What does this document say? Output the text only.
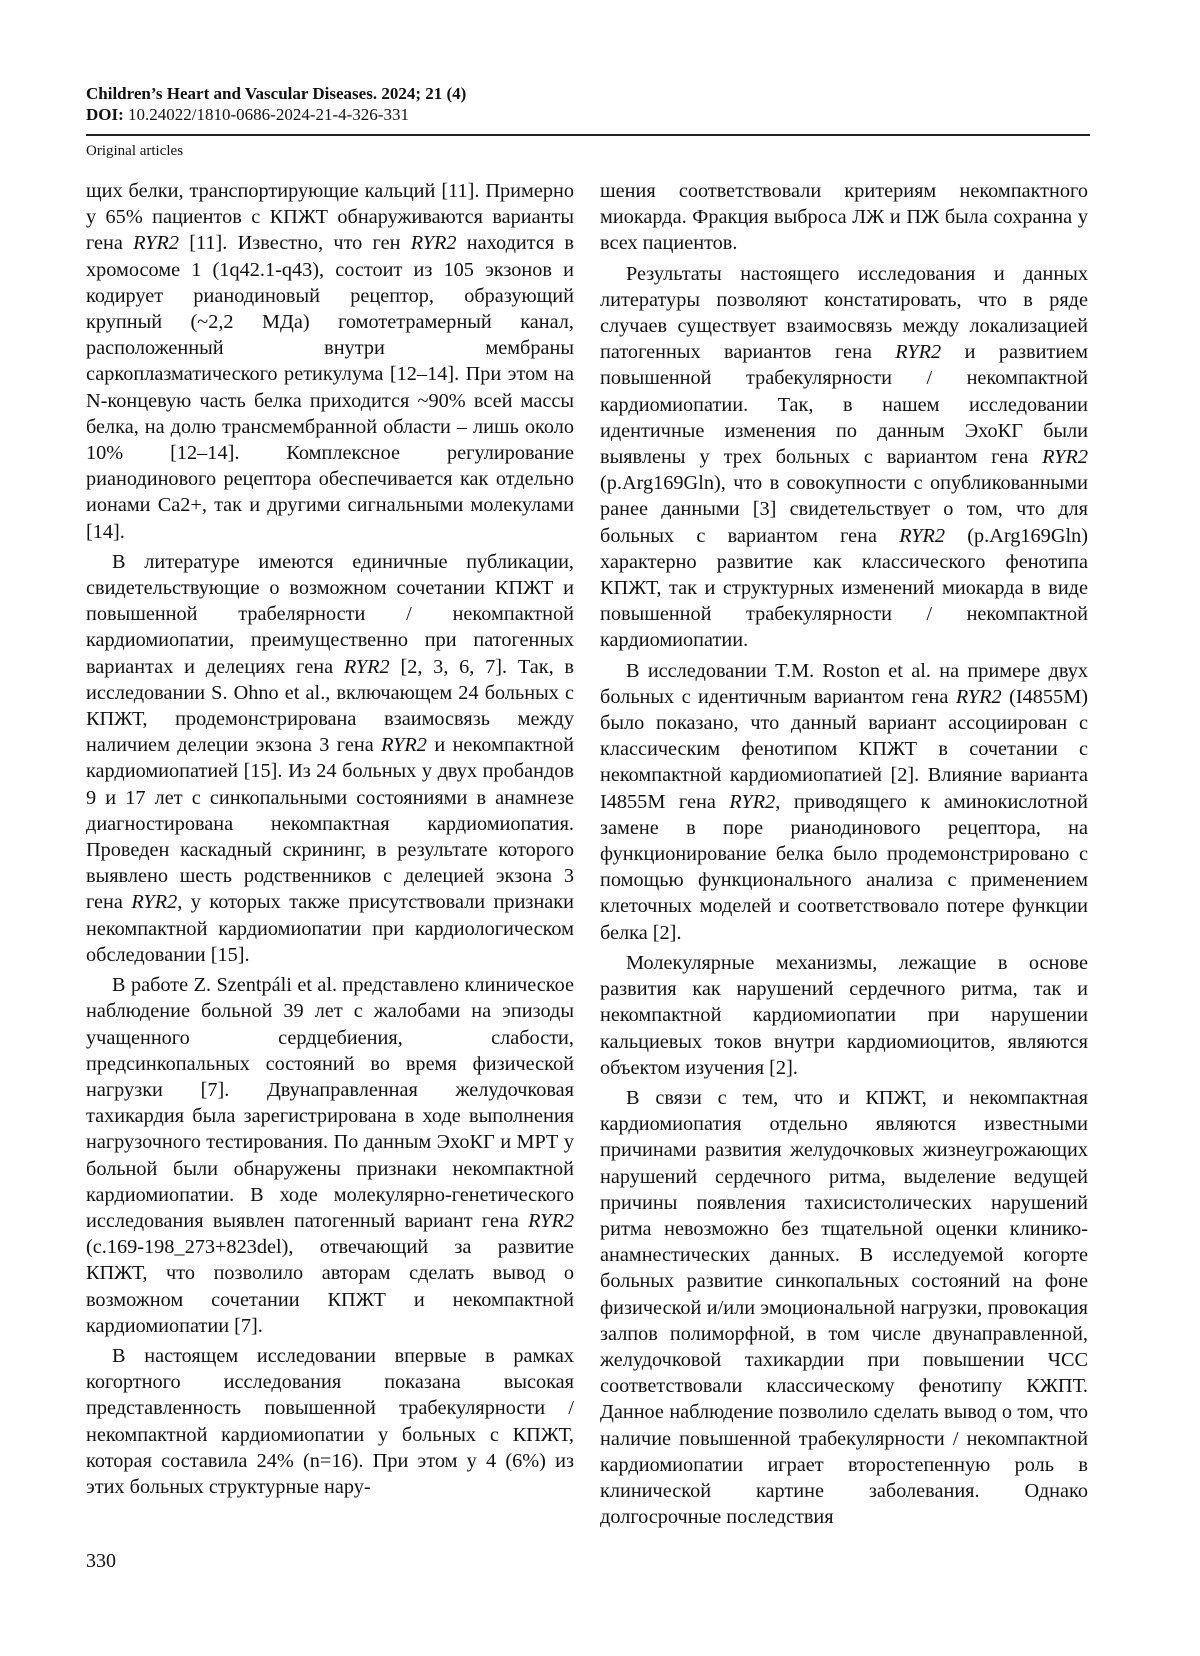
Children’s Heart and Vascular Diseases. 2024; 21 (4)
DOI: 10.24022/1810-0686-2024-21-4-326-331
Original articles

щих белки, транспортирующие кальций [11]. Примерно у 65% пациентов с КПЖТ обнаруживаются варианты гена RYR2 [11]. Известно, что ген RYR2 находится в хромосоме 1 (1q42.1-q43), состоит из 105 экзонов и кодирует рианодиновый рецептор, образующий крупный (~2,2 МДа) гомотетрамерный канал, расположенный внутри мембраны саркоплазматического ретикулума [12–14]. При этом на N-концевую часть белка приходится ~90% всей массы белка, на долю трансмембранной области – лишь около 10% [12–14]. Комплексное регулирование рианодинового рецептора обеспечивается как отдельно ионами Ca2+, так и другими сигнальными молекулами [14].

В литературе имеются единичные публикации, свидетельствующие о возможном сочетании КПЖТ и повышенной трабелярности / некомпактной кардиомиопатии, преимущественно при патогенных вариантах и делециях гена RYR2 [2, 3, 6, 7]. Так, в исследовании S. Ohno et al., включающем 24 больных с КПЖТ, продемонстрирована взаимосвязь между наличием делеции экзона 3 гена RYR2 и некомпактной кардиомиопатией [15]. Из 24 больных у двух пробандов 9 и 17 лет с синкопальными состояниями в анамнезе диагностирована некомпактная кардиомиопатия. Проведен каскадный скрининг, в результате которого выявлено шесть родственников с делецией экзона 3 гена RYR2, у которых также присутствовали признаки некомпактной кардиомиопатии при кардиологическом обследовании [15].

В работе Z. Szentpáli et al. представлено клиническое наблюдение больной 39 лет с жалобами на эпизоды учащенного сердцебиения, слабости, предсинкопальных состояний во время физической нагрузки [7]. Двунаправленная желудочковая тахикардия была зарегистрирована в ходе выполнения нагрузочного тестирования. По данным ЭхоКГ и МРТ у больной были обнаружены признаки некомпактной кардиомиопатии. В ходе молекулярно-генетического исследования выявлен патогенный вариант гена RYR2 (c.169-198_273+823del), отвечающий за развитие КПЖТ, что позволило авторам сделать вывод о возможном сочетании КПЖТ и некомпактной кардиомиопатии [7].

В настоящем исследовании впервые в рамках когортного исследования показана высокая представленность повышенной трабекулярности / некомпактной кардиомиопатии у больных с КПЖТ, которая составила 24% (n=16). При этом у 4 (6%) из этих больных структурные нару-

шения соответствовали критериям некомпактного миокарда. Фракция выброса ЛЖ и ПЖ была сохранна у всех пациентов.

Результаты настоящего исследования и данных литературы позволяют констатировать, что в ряде случаев существует взаимосвязь между локализацией патогенных вариантов гена RYR2 и развитием повышенной трабекулярности / некомпактной кардиомиопатии. Так, в нашем исследовании идентичные изменения по данным ЭхоКГ были выявлены у трех больных с вариантом гена RYR2 (p.Arg169Gln), что в совокупности с опубликованными ранее данными [3] свидетельствует о том, что для больных с вариантом гена RYR2 (p.Arg169Gln) характерно развитие как классического фенотипа КПЖТ, так и структурных изменений миокарда в виде повышенной трабекулярности / некомпактной кардиомиопатии.

В исследовании T.M. Roston et al. на примере двух больных с идентичным вариантом гена RYR2 (I4855M) было показано, что данный вариант ассоциирован с классическим фенотипом КПЖТ в сочетании с некомпактной кардиомиопатией [2]. Влияние варианта I4855M гена RYR2, приводящего к аминокислотной замене в поре рианодинового рецептора, на функционирование белка было продемонстрировано с помощью функционального анализа с применением клеточных моделей и соответствовало потере функции белка [2].

Молекулярные механизмы, лежащие в основе развития как нарушений сердечного ритма, так и некомпактной кардиомиопатии при нарушении кальциевых токов внутри кардиомиоцитов, являются объектом изучения [2].

В связи с тем, что и КПЖТ, и некомпактная кардиомиопатия отдельно являются известными причинами развития желудочковых жизнеугрожающих нарушений сердечного ритма, выделение ведущей причины появления тахисистолических нарушений ритма невозможно без тщательной оценки клинико-анамнестических данных. В исследуемой когорте больных развитие синкопальных состояний на фоне физической и/или эмоциональной нагрузки, провокация залпов полиморфной, в том числе двунаправленной, желудочковой тахикардии при повышении ЧСС соответствовали классическому фенотипу КЖПТ. Данное наблюдение позволило сделать вывод о том, что наличие повышенной трабекулярности / некомпактной кардиомиопатии играет второстепенную роль в клинической картине заболевания. Однако долгосрочные последствия

330
